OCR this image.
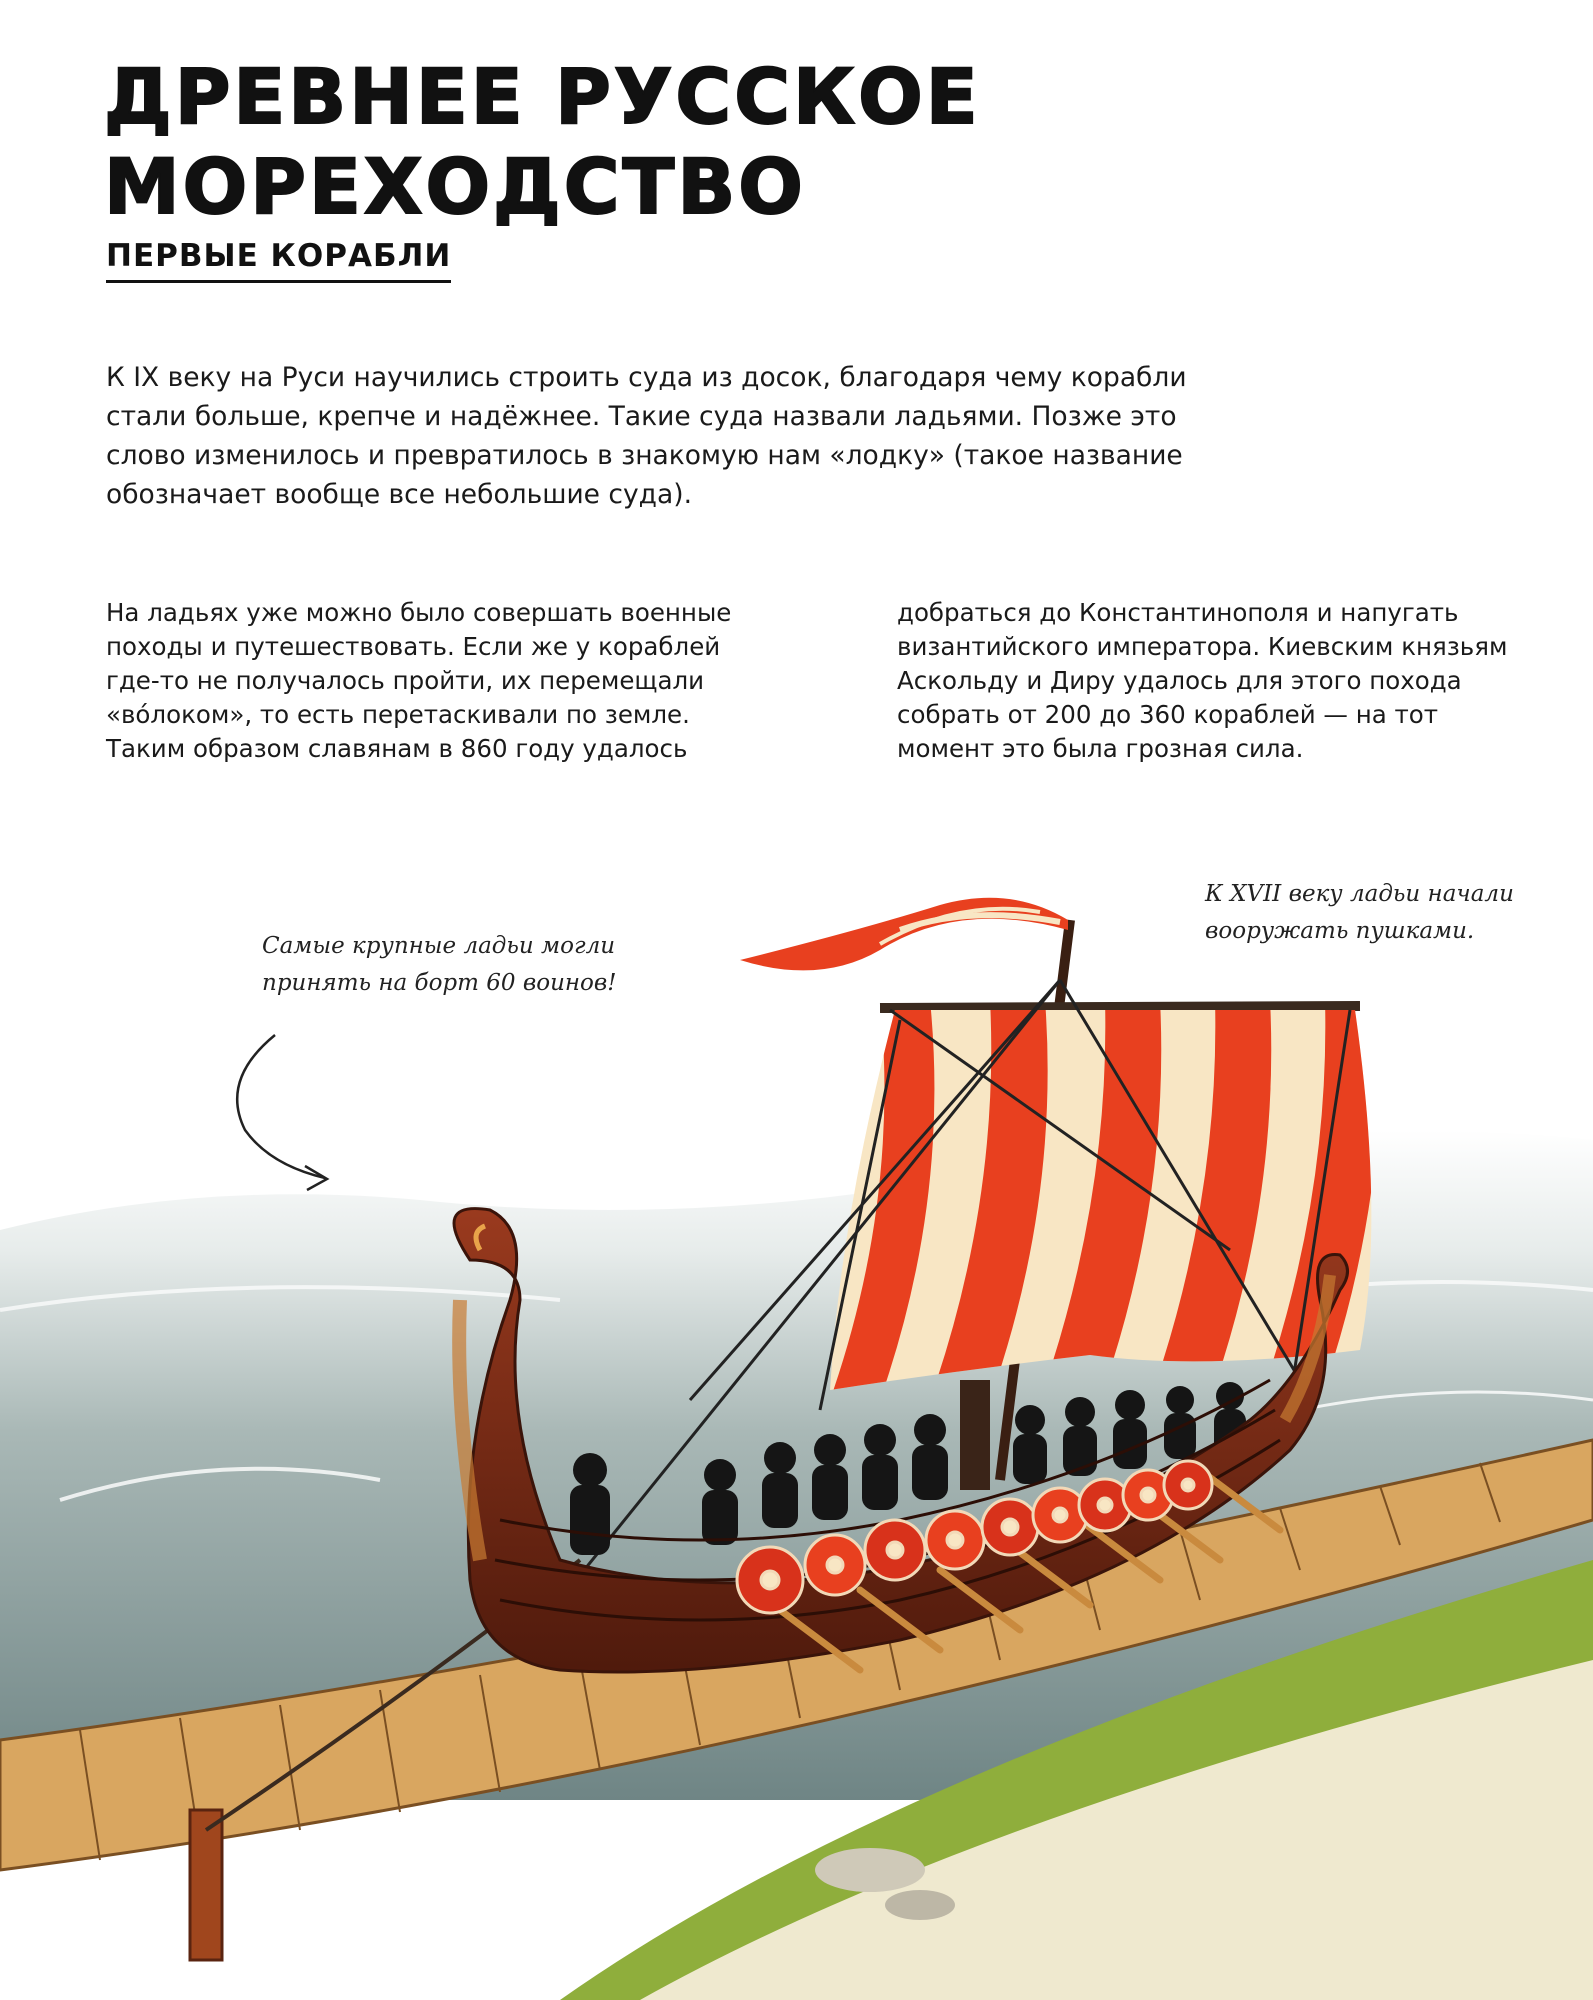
ДРЕВНЕЕ РУССКОЕ
МОРЕХОДСТВО
ПЕРВЫЕ КОРАБЛИ

К IX веку на Руси научились строить суда из досок, благодаря чему корабли стали больше, крепче и надёжнее. Такие суда назвали ладьями. Позже это слово изменилось и превратилось в знакомую нам «лодку» (такое название обозначает вообще все небольшие суда).

На ладьях уже можно было совершать военные походы и путешествовать. Если же у кораблей где-то не получалось пройти, их перемещали «во́локом», то есть перетаскивали по земле. Таким образом славянам в 860 году удалось

добраться до Константинополя и напугать византийского императора. Киевским князьям Аскольду и Диру удалось для этого похода собрать от 200 до 360 кораблей — на тот момент это была грозная сила.

Самые крупные ладьи могли принять на борт 60 воинов!

К XVII веку ладьи начали вооружать пушками.

4
